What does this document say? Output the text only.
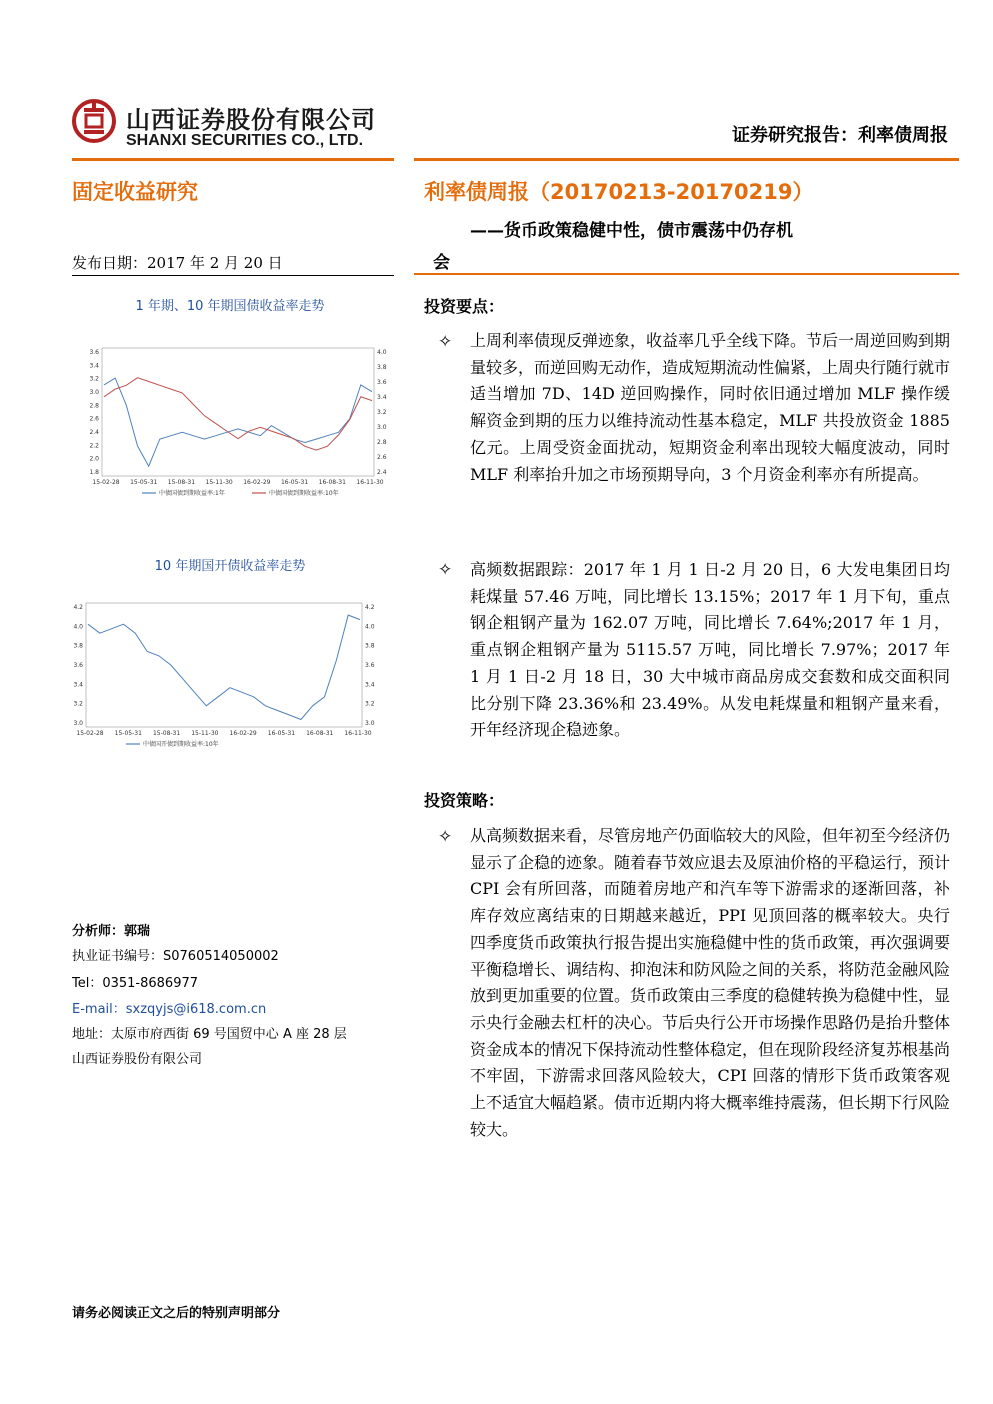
山西证券股份有限公司
SHANXI SECURITIES CO., LTD.	证券研究报告：利率债周报
固定收益研究	利率债周报（20170213-20170219）
——货币政策稳健中性，债市震荡中仍存机
会
发布日期：2017 年 2 月 20 日
1 年期、10 年期国债收益率走势
3.6
3.4
3.2
3.0
2.8
2.6
2.4
2.2
2.0
1.8
4.0
3.8
3.6
3.4
3.2
3.0
2.8
2.6
2.4
15-02-28 15-05-31 15-08-31 15-11-30 16-02-29 16-05-31 16-08-31 16-11-30
中债国债到期收益率:1年	中债国债到期收益率:10年
10 年期国开债收益率走势
4.2
4.0
3.8
3.6
3.4
3.2
3.0
4.2
4.0
3.8
3.6
3.4
3.2
3.0
15-02-28 15-05-31 15-08-31 15-11-30 16-02-29 16-05-31 16-08-31 16-11-30
中债国开债到期收益率:10年
分析师：郭瑞
执业证书编号：S0760514050002
Tel：0351-8686977
E-mail：sxzqyjs@i618.com.cn
地址：太原市府西街 69 号国贸中心 A 座 28 层
山西证券股份有限公司
投资要点：
✧ 上周利率债现反弹迹象，收益率几乎全线下降。节后一周逆回购到期量较多，而逆回购无动作，造成短期流动性偏紧，上周央行随行就市适当增加 7D、14D 逆回购操作，同时依旧通过增加 MLF 操作缓解资金到期的压力以维持流动性基本稳定，MLF 共投放资金 1885 亿元。上周受资金面扰动，短期资金利率出现较大幅度波动，同时 MLF 利率抬升加之市场预期导向，3 个月资金利率亦有所提高。
✧ 高频数据跟踪：2017 年 1 月 1 日-2 月 20 日，6 大发电集团日均耗煤量 57.46 万吨，同比增长 13.15%；2017 年 1 月下旬，重点钢企粗钢产量为 162.07 万吨，同比增长 7.64%;2017 年 1 月，重点钢企粗钢产量为 5115.57 万吨，同比增长 7.97%；2017 年 1 月 1 日-2 月 18 日，30 大中城市商品房成交套数和成交面积同比分别下降 23.36%和 23.49%。从发电耗煤量和粗钢产量来看，开年经济现企稳迹象。
投资策略：
✧ 从高频数据来看，尽管房地产仍面临较大的风险，但年初至今经济仍显示了企稳的迹象。随着春节效应退去及原油价格的平稳运行，预计 CPI 会有所回落，而随着房地产和汽车等下游需求的逐渐回落，补库存效应离结束的日期越来越近，PPI 见顶回落的概率较大。央行四季度货币政策执行报告提出实施稳健中性的货币政策，再次强调要平衡稳增长、调结构、抑泡沫和防风险之间的关系，将防范金融风险放到更加重要的位置。货币政策由三季度的稳健转换为稳健中性，显示央行金融去杠杆的决心。节后央行公开市场操作思路仍是抬升整体资金成本的情况下保持流动性整体稳定，但在现阶段经济复苏根基尚不牢固，下游需求回落风险较大，CPI 回落的情形下货币政策客观上不适宜大幅趋紧。债市近期内将大概率维持震荡，但长期下行风险较大。
请务必阅读正文之后的特别声明部分
